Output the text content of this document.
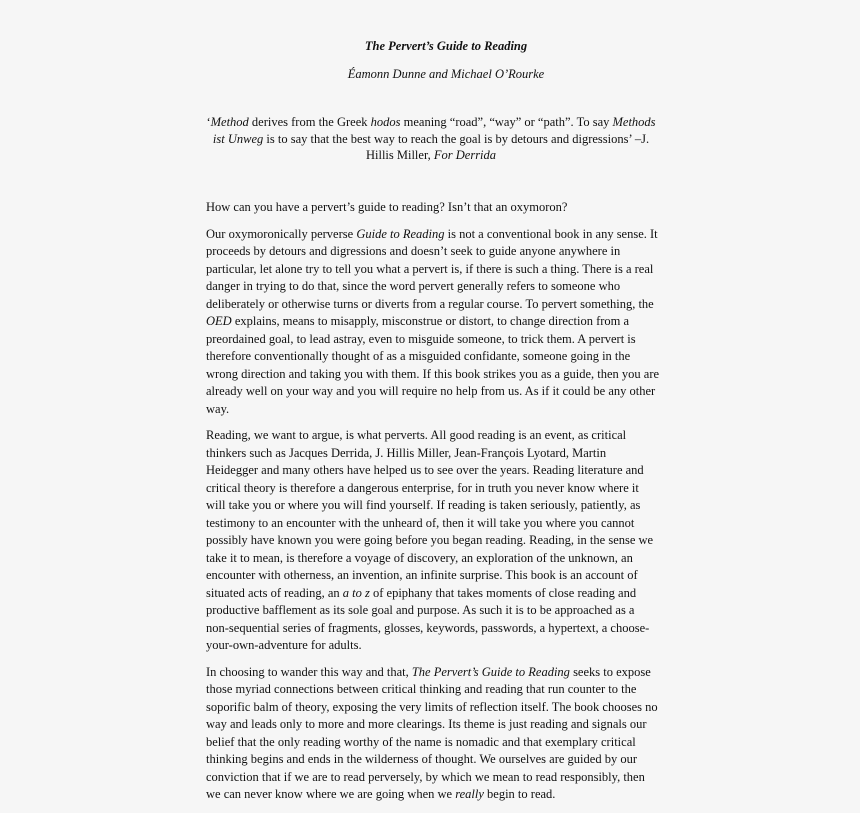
The Pervert’s Guide to Reading
Éamonn Dunne and Michael O’Rourke
‘Method derives from the Greek hodos meaning “road”, “way” or “path”. To say Methods ist Unweg is to say that the best way to reach the goal is by detours and digressions’ –J. Hillis Miller, For Derrida

How can you have a pervert’s guide to reading? Isn’t that an oxymoron?

Our oxymoronically perverse Guide to Reading is not a conventional book in any sense. It proceeds by detours and digressions and doesn’t seek to guide anyone anywhere in particular, let alone try to tell you what a pervert is, if there is such a thing. There is a real danger in trying to do that, since the word pervert generally refers to someone who deliberately or otherwise turns or diverts from a regular course. To pervert something, the OED explains, means to misapply, misconstrue or distort, to change direction from a preordained goal, to lead astray, even to misguide someone, to trick them. A pervert is therefore conventionally thought of as a misguided confidante, someone going in the wrong direction and taking you with them. If this book strikes you as a guide, then you are already well on your way and you will require no help from us. As if it could be any other way.

Reading, we want to argue, is what perverts. All good reading is an event, as critical thinkers such as Jacques Derrida, J. Hillis Miller, Jean-François Lyotard, Martin Heidegger and many others have helped us to see over the years. Reading literature and critical theory is therefore a dangerous enterprise, for in truth you never know where it will take you or where you will find yourself. If reading is taken seriously, patiently, as testimony to an encounter with the unheard of, then it will take you where you cannot possibly have known you were going before you began reading. Reading, in the sense we take it to mean, is therefore a voyage of discovery, an exploration of the unknown, an encounter with otherness, an invention, an infinite surprise. This book is an account of situated acts of reading, an a to z of epiphany that takes moments of close reading and productive bafflement as its sole goal and purpose. As such it is to be approached as a non-sequential series of fragments, glosses, keywords, passwords, a hypertext, a choose-your-own-adventure for adults.

In choosing to wander this way and that, The Pervert’s Guide to Reading seeks to expose those myriad connections between critical thinking and reading that run counter to the soporific balm of theory, exposing the very limits of reflection itself. The book chooses no way and leads only to more and more clearings. Its theme is just reading and signals our belief that the only reading worthy of the name is nomadic and that exemplary critical thinking begins and ends in the wilderness of thought. We ourselves are guided by our conviction that if we are to read perversely, by which we mean to read responsibly, then we can never know where we are going when we really begin to read.
